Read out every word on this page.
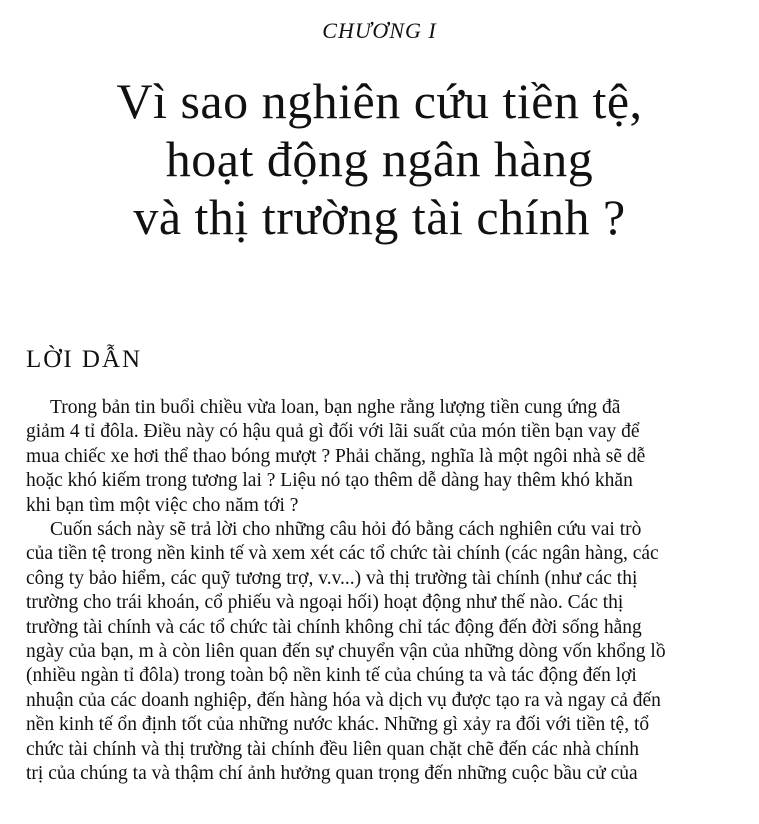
CHƯƠNG I
Vì sao nghiên cứu tiền tệ,
hoạt động ngân hàng
và thị trường tài chính ?
LỜI DẪN

Trong bản tin buổi chiều vừa loan, bạn nghe rằng lượng tiền cung ứng đã
giảm 4 tỉ đôla. Điều này có hậu quả gì đối với lãi suất của món tiền bạn vay để
mua chiếc xe hơi thể thao bóng mượt ? Phải chăng, nghĩa là một ngôi nhà sẽ dễ
hoặc khó kiếm trong tương lai ? Liệu nó tạo thêm dễ dàng hay thêm khó khăn
khi bạn tìm một việc cho năm tới ?

Cuốn sách này sẽ trả lời cho những câu hỏi đó bằng cách nghiên cứu vai trò
của tiền tệ trong nền kinh tế và xem xét các tổ chức tài chính (các ngân hàng, các
công ty bảo hiểm, các quỹ tương trợ, v.v...) và thị trường tài chính (như các thị
trường cho trái khoán, cổ phiếu và ngoại hối) hoạt động như thế nào. Các thị
trường tài chính và các tổ chức tài chính không chỉ tác động đến đời sống hằng
ngày của bạn, m à còn liên quan đến sự chuyển vận của những dòng vốn khổng lồ
(nhiều ngàn tỉ đôla) trong toàn bộ nền kinh tế của chúng ta và tác động đến lợi
nhuận của các doanh nghiệp, đến hàng hóa và dịch vụ được tạo ra và ngay cả đến
nền kinh tế ổn định tốt của những nước khác. Những gì xảy ra đối với tiền tệ, tổ
chức tài chính và thị trường tài chính đều liên quan chặt chẽ đến các nhà chính
trị của chúng ta và thậm chí ảnh hưởng quan trọng đến những cuộc bầu cử của
